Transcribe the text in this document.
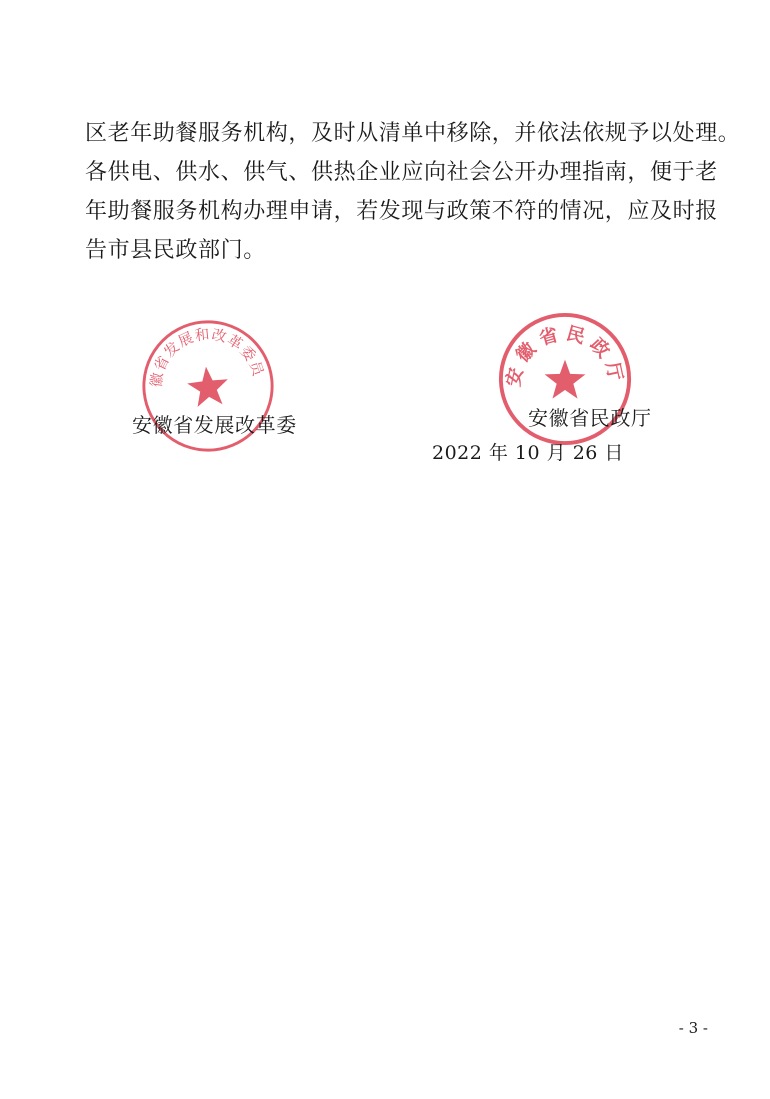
区老年助餐服务机构，及时从清单中移除，并依法依规予以处理。

各供电、供水、供气、供热企业应向社会公开办理指南，便于老

年助餐服务机构办理申请，若发现与政策不符的情况，应及时报

告市县民政部门。

安徽省发展和改革委员会
安徽省民政厅
安徽省发展改革委	安徽省民政厅
2022 年 10 月 26 日
- 3 -
